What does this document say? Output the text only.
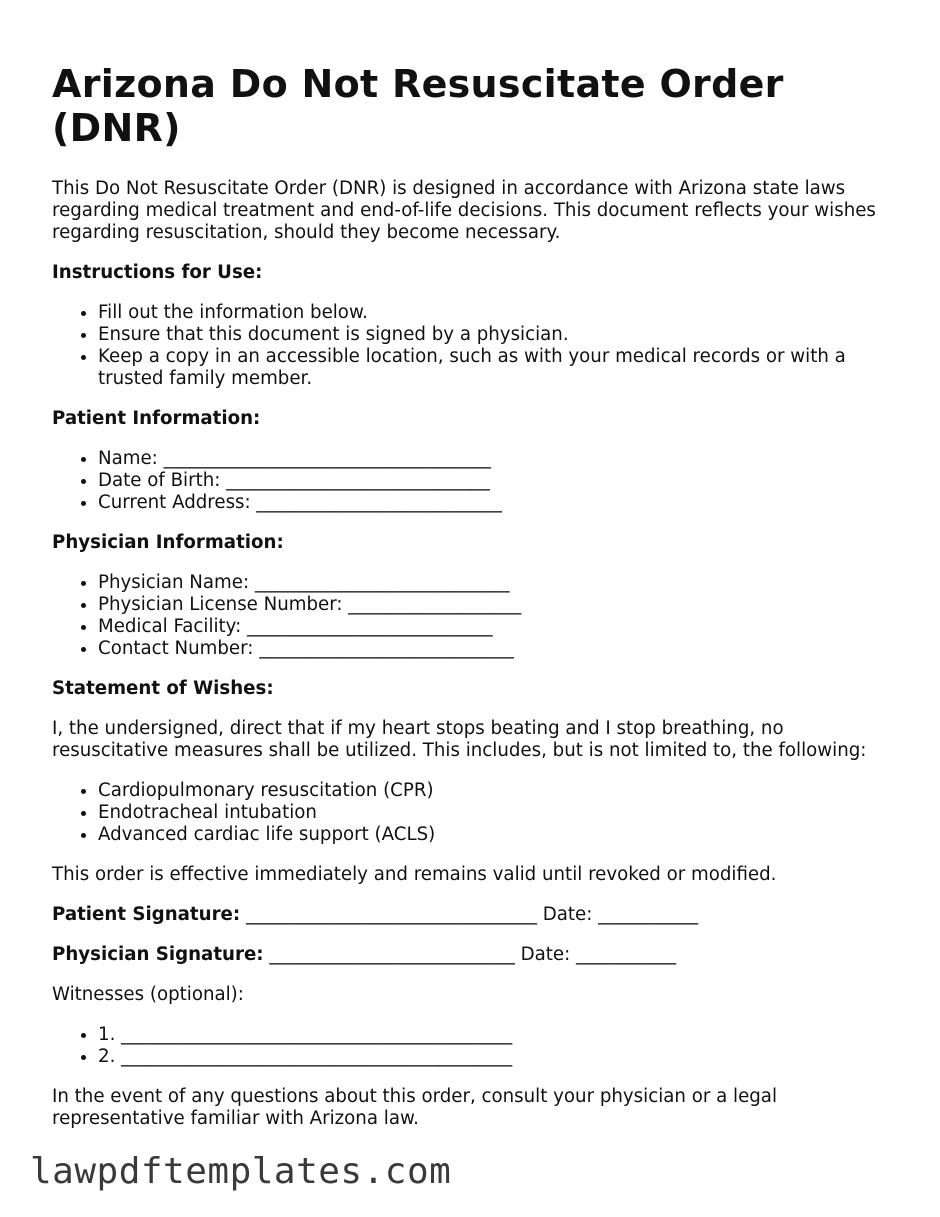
Arizona Do Not Resuscitate Order (DNR)

This Do Not Resuscitate Order (DNR) is designed in accordance with Arizona state laws regarding medical treatment and end-of-life decisions. This document reflects your wishes regarding resuscitation, should they become necessary.

Instructions for Use:
• Fill out the information below.
• Ensure that this document is signed by a physician.
• Keep a copy in an accessible location, such as with your medical records or with a trusted family member.
Patient Information:
• Name: ____________________________________
• Date of Birth: _____________________________
• Current Address: ___________________________
Physician Information:
• Physician Name: ____________________________
• Physician License Number: ___________________
• Medical Facility: ___________________________
• Contact Number: ____________________________
Statement of Wishes:

I, the undersigned, direct that if my heart stops beating and I stop breathing, no resuscitative measures shall be utilized. This includes, but is not limited to, the following:

• Cardiopulmonary resuscitation (CPR)
• Endotracheal intubation
• Advanced cardiac life support (ACLS)

This order is effective immediately and remains valid until revoked or modified.

Patient Signature: ________________________________ Date: ___________
Physician Signature: ___________________________ Date: ___________

Witnesses (optional):

• 1. ___________________________________________
• 2. ___________________________________________

In the event of any questions about this order, consult your physician or a legal representative familiar with Arizona law.

lawpdftemplates.com
